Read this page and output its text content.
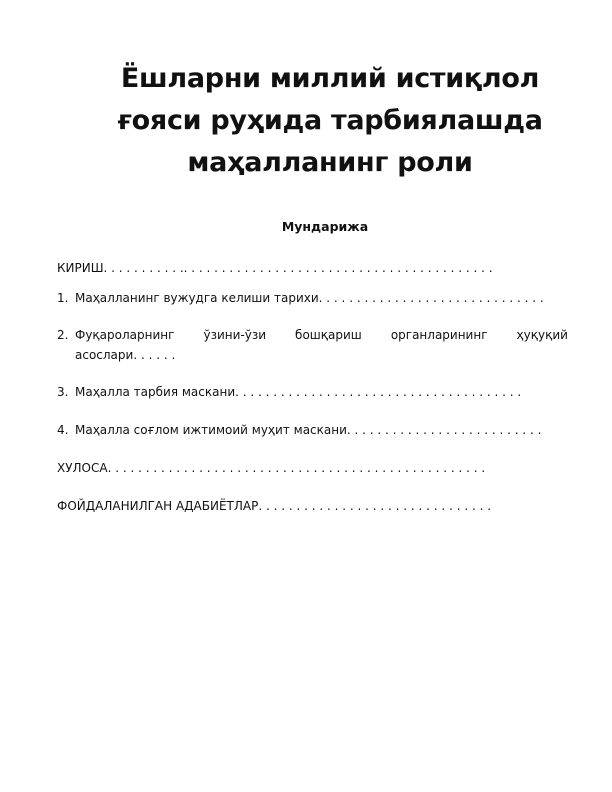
Ёшларни миллий истиқлол
ғояси руҳида тарбиялашда
маҳалланинг роли
Мундарижа
КИРИШ. . . . . . . . . . .. . . . . . . . . . . . . . . . . . . . . . . . . . . . . . . . . . . . . . . . .
1. Маҳалланинг вужудга келиши тарихи. . . . . . . . . . . . . . . . . . . . . . . . . . . . . .
2. Фуқароларнинг ўзини-ўзи бошқариш органларининг ҳуқуқий
асослари. . . . . .
3. Маҳалла тарбия маскани. . . . . . . . . . . . . . . . . . . . . . . . . . . . . . . . . . . . . .
4. Маҳалла соғлом ижтимоий муҳит маскани. . . . . . . . . . . . . . . . . . . . . . . . . .
ХУЛОСА. . . . . . . . . . . . . . . . . . . . . . . . . . . . . . . . . . . . . . . . . . . . . . . . . .
ФОЙДАЛАНИЛГАН АДАБИЁТЛАР. . . . . . . . . . . . . . . . . . . . . . . . . . . . . . .
